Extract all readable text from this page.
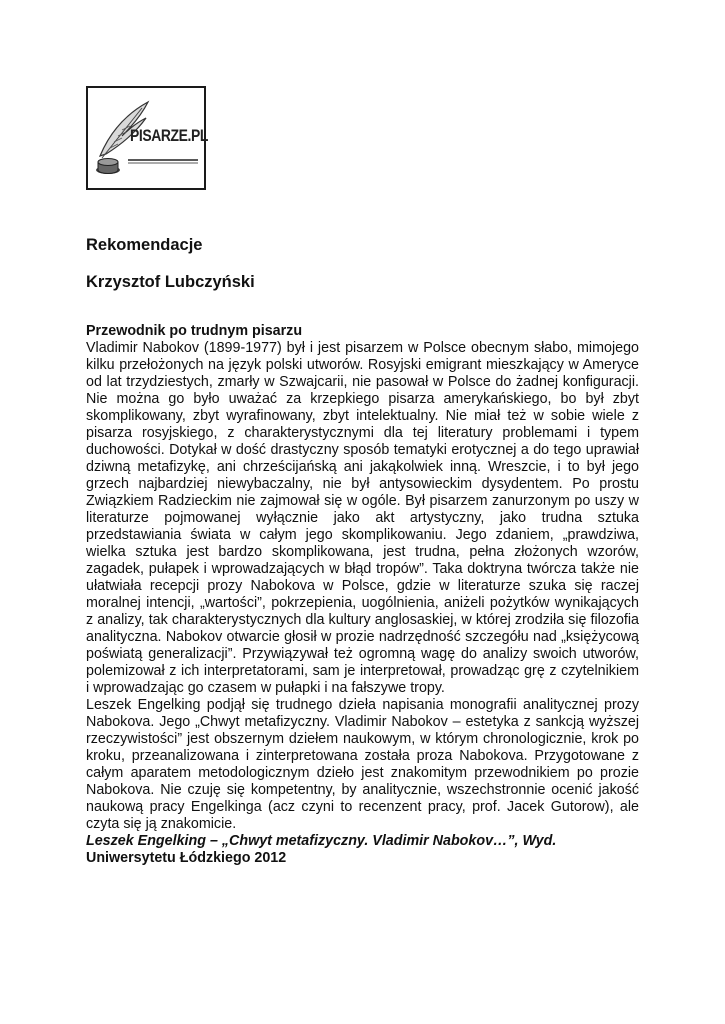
PISARZE.PL
Rekomendacje
Krzysztof Lubczyński

Przewodnik po trudnym pisarzu

Vladimir Nabokov (1899-1977) był i jest pisarzem w Polsce obecnym słabo, mimojego kilku przełożonych na język polski utworów. Rosyjski emigrant mieszkający w Ameryce od lat trzydziestych, zmarły w Szwajcarii, nie pasował w Polsce do żadnej konfiguracji. Nie można go było uważać za krzepkiego pisarza amerykańskiego, bo był zbyt skomplikowany, zbyt wyrafinowany, zbyt intelektualny. Nie miał też w sobie wiele z pisarza rosyjskiego, z charakterystycznymi dla tej literatury problemami i typem duchowości. Dotykał w dość drastyczny sposób tematyki erotycznej a do tego uprawiał dziwną metafizykę, ani chrześcijańską ani jakąkolwiek inną. Wreszcie, i to był jego grzech najbardziej niewybaczalny, nie był antysowieckim dysydentem. Po prostu Związkiem Radzieckim nie zajmował się w ogóle. Był pisarzem zanurzonym po uszy w literaturze pojmowanej wyłącznie jako akt artystyczny, jako trudna sztuka przedstawiania świata w całym jego skomplikowaniu. Jego zdaniem, „prawdziwa, wielka sztuka jest bardzo skomplikowana, jest trudna, pełna złożonych wzorów, zagadek, pułapek i wprowadzających w błąd tropów”. Taka doktryna twórcza także nie ułatwiała recepcji prozy Nabokova w Polsce, gdzie w literaturze szuka się raczej moralnej intencji, „wartości”, pokrzepienia, uogólnienia, aniżeli pożytków wynikających z analizy, tak charakterystycznych dla kultury anglosaskiej, w której zrodziła się filozofia analityczna. Nabokov otwarcie głosił w prozie nadrzędność szczegółu nad „księżycową poświatą generalizacji”. Przywiązywał też ogromną wagę do analizy swoich utworów, polemizował z ich interpretatorami, sam je interpretował, prowadząc grę z czytelnikiem i wprowadzając go czasem w pułapki i na fałszywe tropy.

Leszek Engelking podjął się trudnego dzieła napisania monografii analitycznej prozy Nabokova. Jego „Chwyt metafizyczny. Vladimir Nabokov – estetyka z sankcją wyższej rzeczywistości” jest obszernym dziełem naukowym, w którym chronologicznie, krok po kroku, przeanalizowana i zinterpretowana została proza Nabokova. Przygotowane z całym aparatem metodologicznym dzieło jest znakomitym przewodnikiem po prozie Nabokova. Nie czuję się kompetentny, by analitycznie, wszechstronnie ocenić jakość naukową pracy Engelkinga (acz czyni to recenzent pracy, prof. Jacek Gutorow), ale czyta się ją znakomicie.

Leszek Engelking – „Chwyt metafizyczny. Vladimir Nabokov…”, Wyd.

Uniwersytetu Łódzkiego 2012
